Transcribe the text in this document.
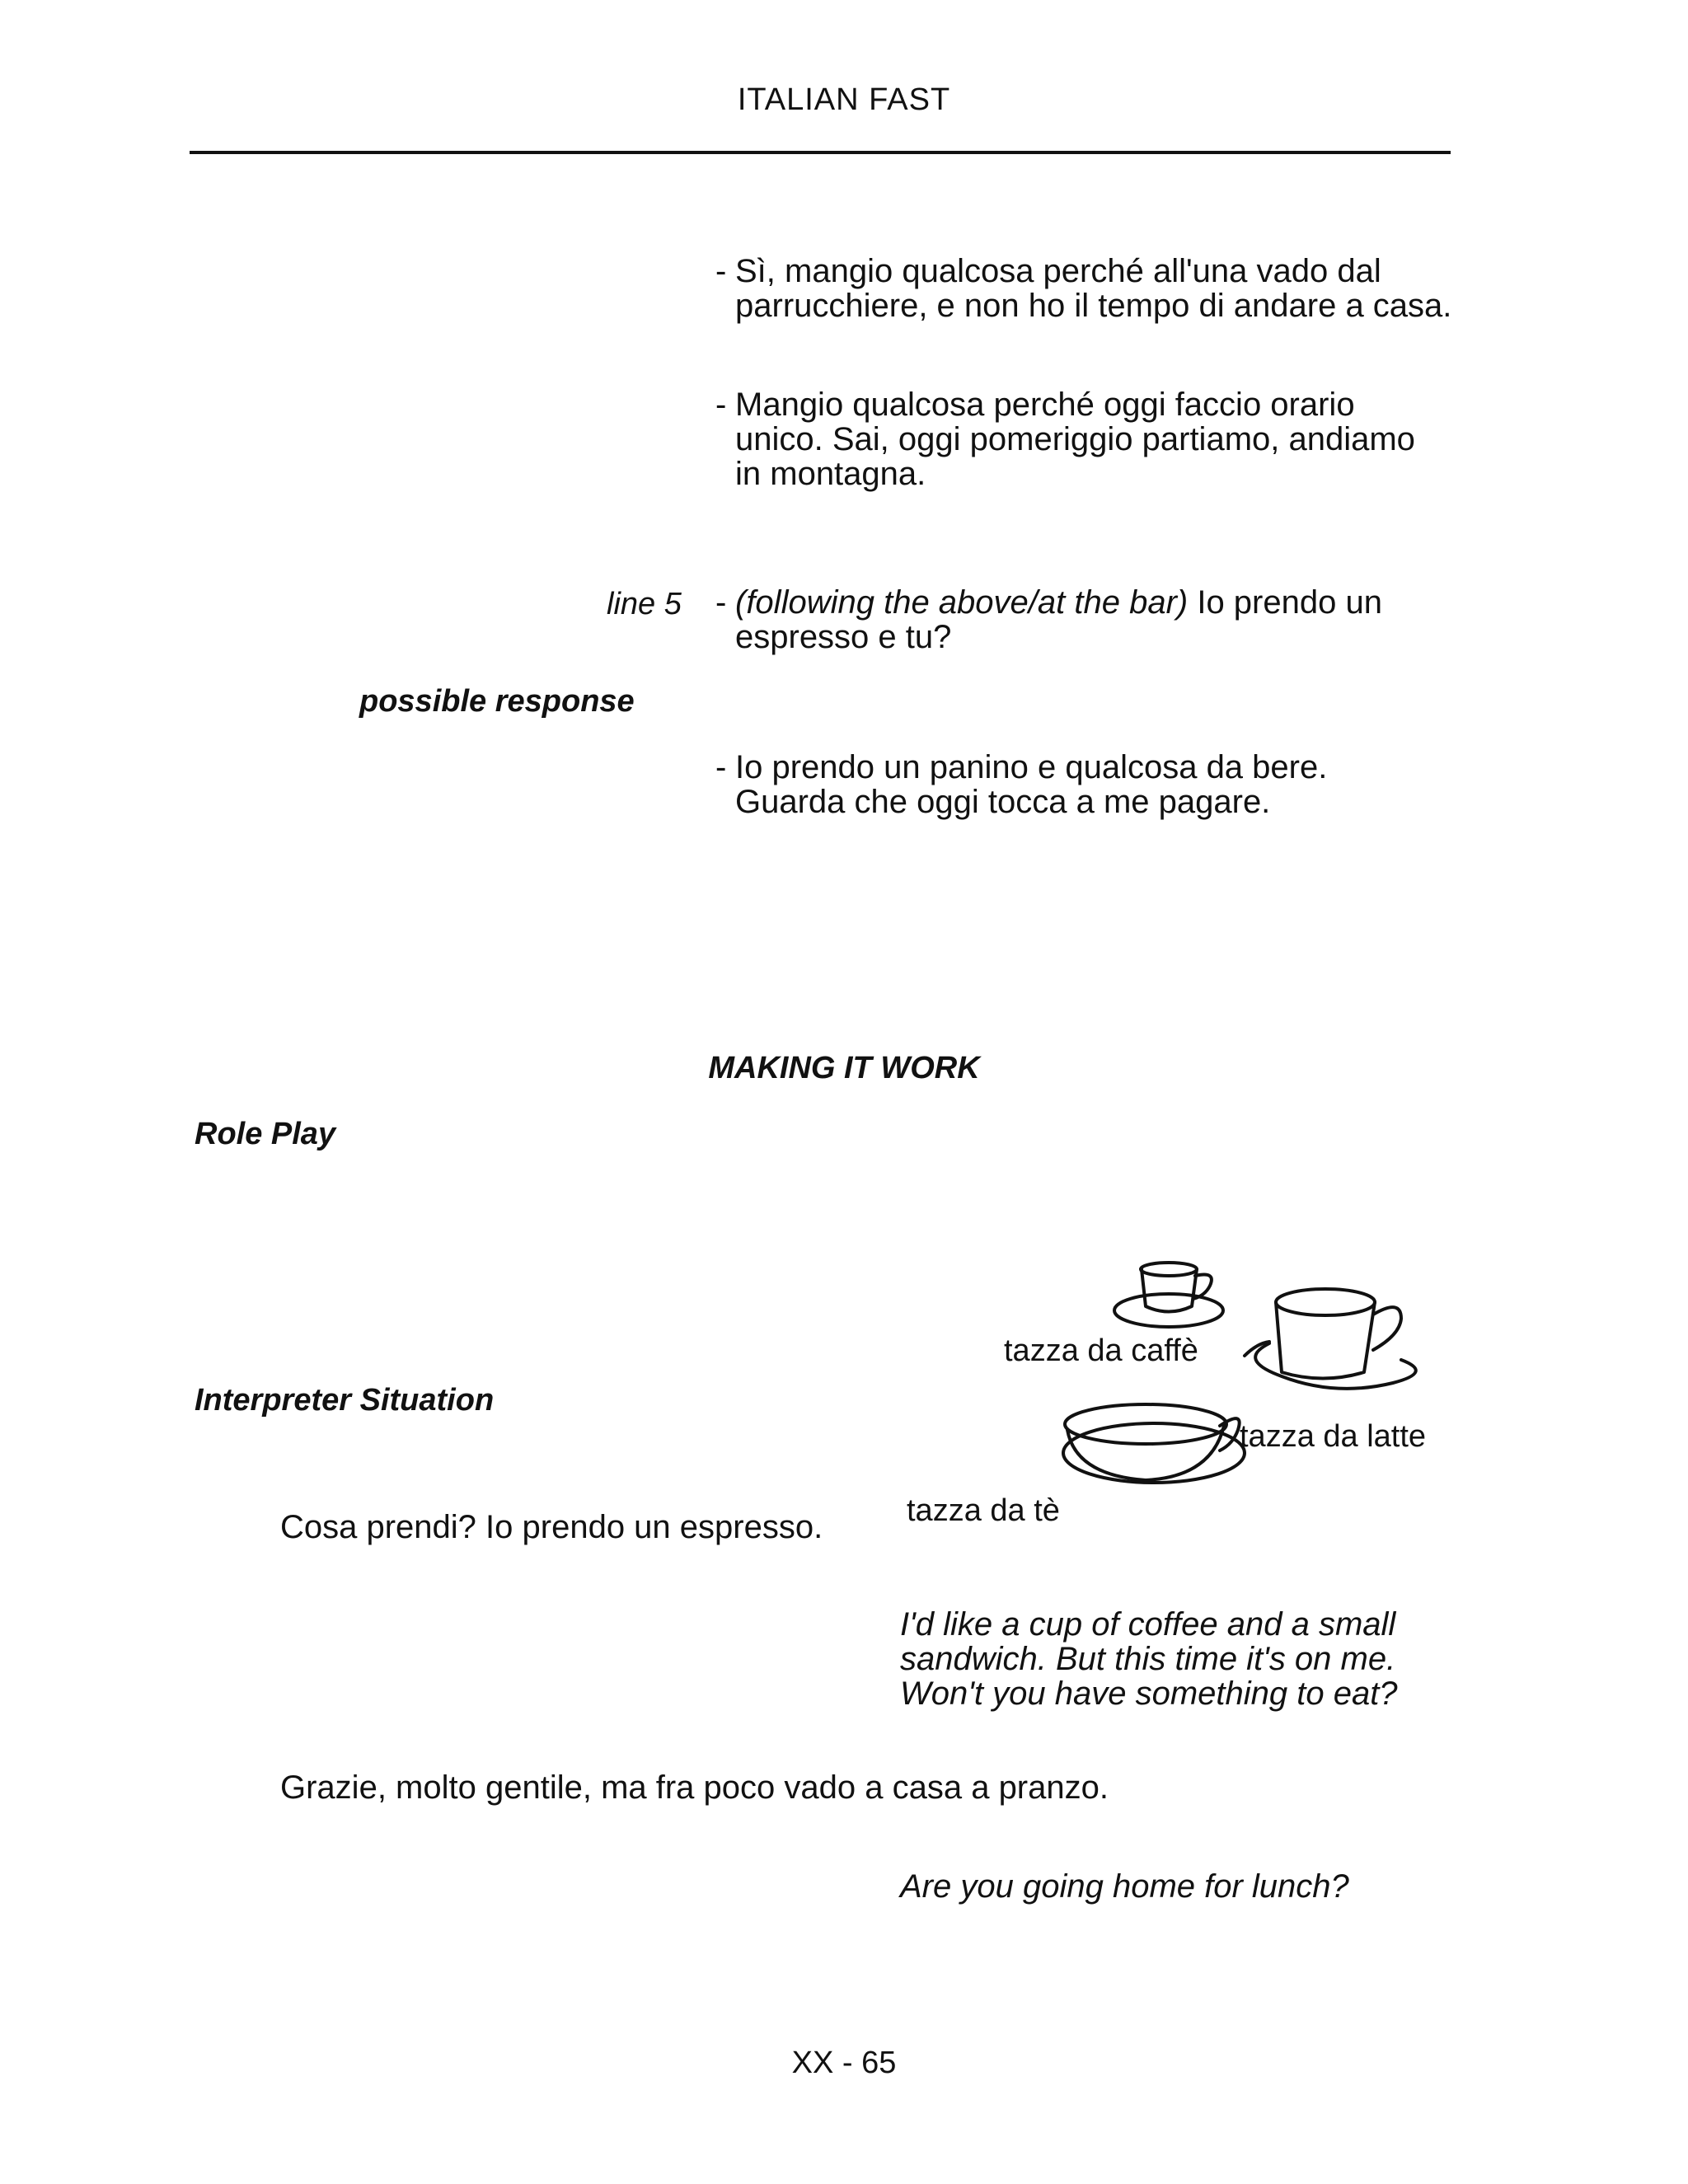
ITALIAN FAST
- Sì, mangio qualcosa perché all'una vado dal
parrucchiere, e non ho il tempo di andare a casa.
- Mangio qualcosa perché oggi faccio orario
unico. Sai, oggi pomeriggio partiamo, andiamo
in montagna.
line 5 - (following the above/at the bar) Io prendo un
espresso e tu?
possible response
- Io prendo un panino e qualcosa da bere.
Guarda che oggi tocca a me pagare.
MAKING IT WORK
Role Play
Interpreter Situation
tazza da caffè
tazza da latte
tazza da tè
Cosa prendi? Io prendo un espresso.
I'd like a cup of coffee and a small
sandwich. But this time it's on me.
Won't you have something to eat?
Grazie, molto gentile, ma fra poco vado a casa a pranzo.
Are you going home for lunch?
XX - 65
